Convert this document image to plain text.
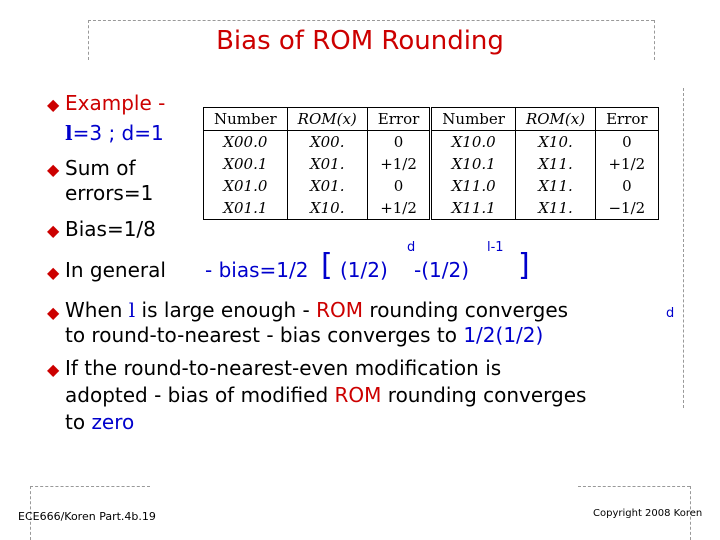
Bias of ROM Rounding
◆ Example -
l=3 ; d=1
◆ Sum of
errors=1
◆ Bias=1/8
Number	ROM(x)	Error	Number	ROM(x)	Error
X00.0	X00.	0	X10.0	X10.	0
X00.1	X01.	+1/2	X10.1	X11.	+1/2
X01.0	X01.	0	X11.0	X11.	0
X01.1	X10.	+1/2	X11.1	X11.	−1/2
◆ In general - bias=1/2 [ (1/2)
d
-(1/2)
l-1
]
◆ When l is large enough - ROM rounding converges	d
to round-to-nearest - bias converges to 1/2(1/2)
◆ If the round-to-nearest-even modification is
adopted - bias of modified ROM rounding converges
to zero
ECE666/Koren Part.4b.19	Copyright 2008 Koren
